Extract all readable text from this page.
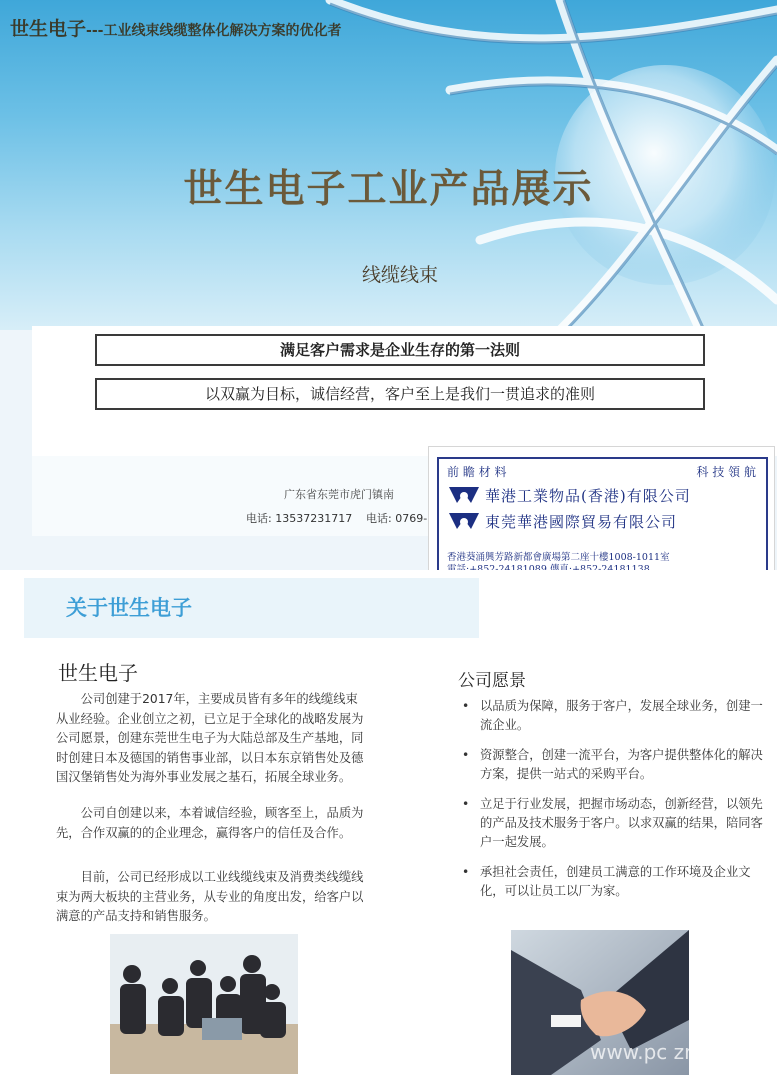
世生电子---工业线束线缆整体化解决方案的优化者
世生电子工业产品展示
线缆线束
满足客户需求是企业生存的第一法则
以双赢为目标，诚信经营，客户至上是我们一贯追求的准则
广东省东莞市虎门镇南
电话: 13537231717 电话: 0769-
前 瞻 材 料	科 技 領 航
華港工業物品(香港)有限公司
東莞華港國際貿易有限公司
香港葵涌興芳路新都會廣場第二座十樓1008-1011室
关于世生电子
世生电子

公司创建于2017年，主要成员皆有多年的线缆线束从业经验。企业创立之初，已立足于全球化的战略发展为公司愿景，创建东莞世生电子为大陆总部及生产基地，同时创建日本及德国的销售事业部，以日本东京销售处及德国汉堡销售处为海外事业发展之基石，拓展全球业务。

公司自创建以来，本着诚信经验，顾客至上，品质为先，合作双赢的的企业理念，赢得客户的信任及合作。

目前，公司已经形成以工业线缆线束及消费类线缆线束为两大板块的主营业务，从专业的角度出发，给客户以满意的产品支持和销售服务。

公司愿景
• 以品质为保障，服务于客户，发展全球业务，创建一流企业。
• 资源整合，创建一流平台，为客户提供整体化的解决方案，提供一站式的采购平台。
• 立足于行业发展，把握市场动态，创新经营，以领先的产品及技术服务于客户。以求双赢的结果，陪同客户一起发展。
• 承担社会责任，创建员工满意的工作环境及企业文化，可以让员工以厂为家。
www.pc zrc.com
